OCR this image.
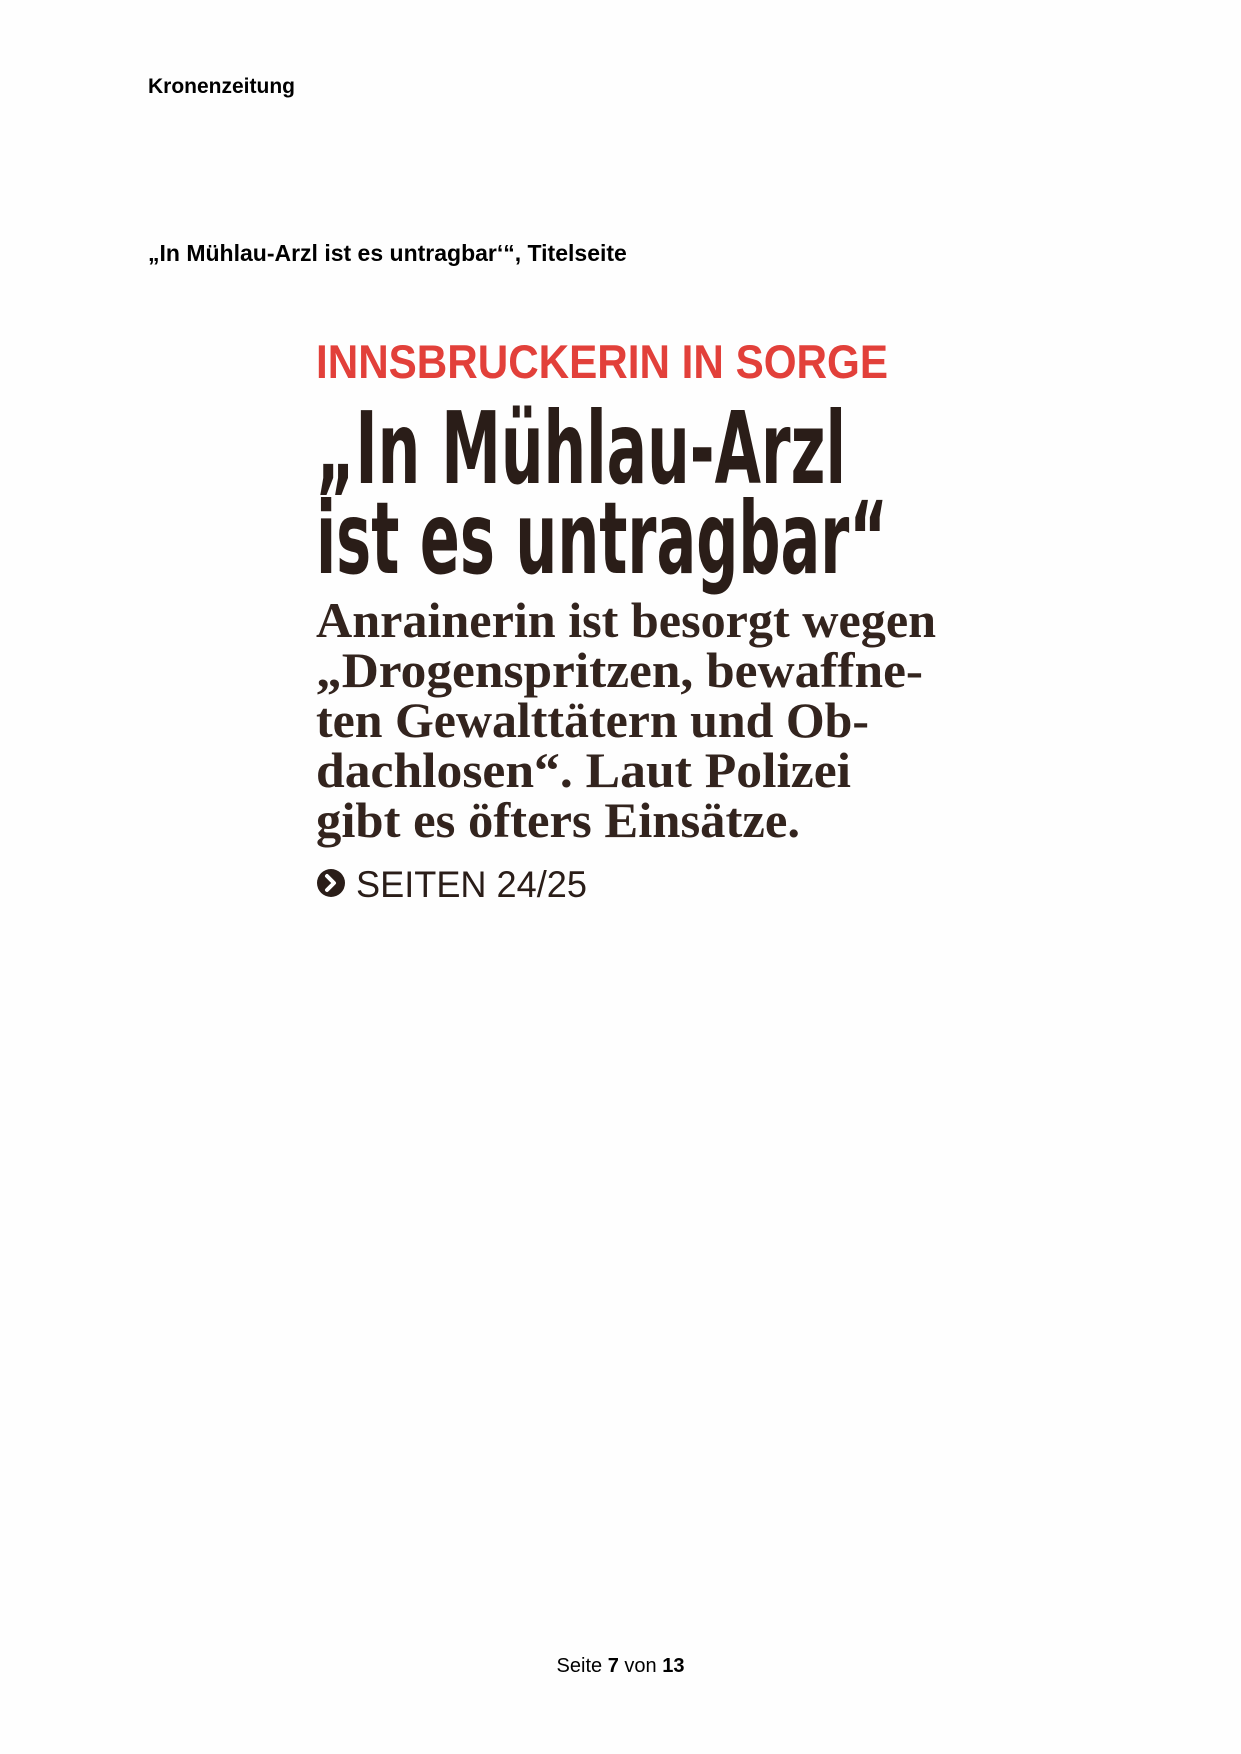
Kronenzeitung
„In Mühlau-Arzl ist es untragbar‘“, Titelseite
INNSBRUCKERIN IN SORGE
„In Mühlau-Arzl
ist es untragbar“
Anrainerin ist besorgt wegen
„Drogenspritzen, bewaffne-
ten Gewalttätern und Ob-
dachlosen“. Laut Polizei
gibt es öfters Einsätze.
SEITEN 24/25
Seite 7 von 13
